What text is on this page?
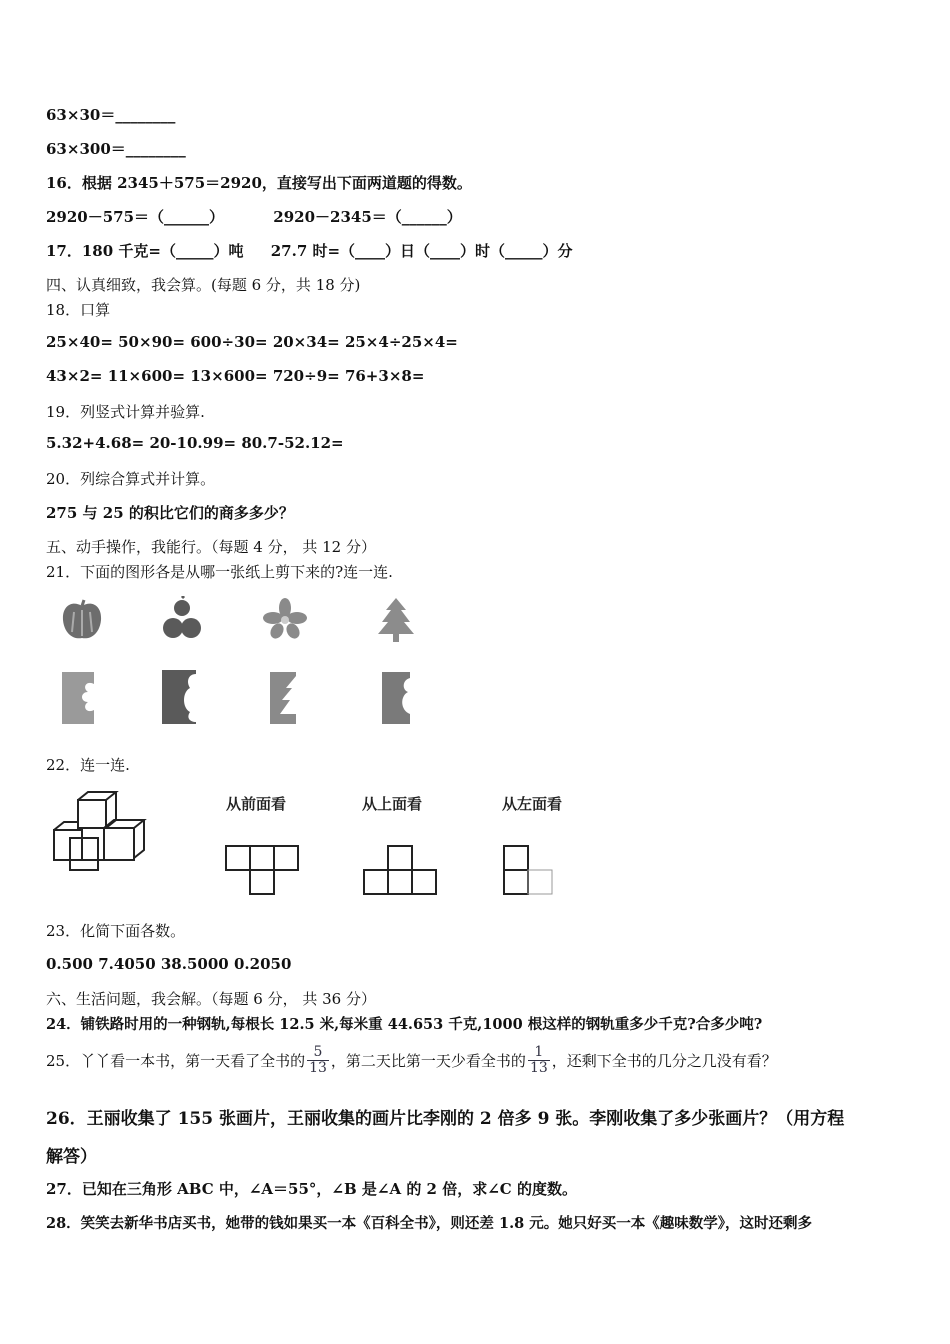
63×30＝________
63×300＝________
16．根据 2345＋575＝2920，直接写出下面两道题的得数。
2920－575＝（______）	2920－2345＝（______）
17．180 千克=（_____）吨 27.7 时=（____）日（____）时（_____）分
四、认真细致，我会算。(每题 6 分，共 18 分)
18．口算
25×40= 50×90= 600÷30= 20×34= 25×4÷25×4=
43×2= 11×600= 13×600= 720÷9= 76+3×8=
19．列竖式计算并验算.
5.32+4.68= 20-10.99= 80.7-52.12=
20．列综合算式并计算。
275 与 25 的积比它们的商多多少？
五、动手操作，我能行。（每题 4 分， 共 12 分）
21．下面的图形各是从哪一张纸上剪下来的?连一连.
22．连一连.
从前面看	从上面看	从左面看
23．化简下面各数。
0.500 7.4050 38.5000 0.2050
六、生活问题，我会解。（每题 6 分， 共 36 分）
24．铺铁路时用的一种钢轨,每根长 12.5 米,每米重 44.653 千克,1000 根这样的钢轨重多少千克?合多少吨?
25．丫丫看一本书，第一天看了全书的 $\frac{5}{13}$ ，第二天比第一天少看全书的 $\frac{1}{13}$ ，还剩下全书的几分之几没有看？
26．王丽收集了 155 张画片，王丽收集的画片比李刚的 2 倍多 9 张。李刚收集了多少张画片？（用方程
解答）
27．已知在三角形 ABC 中，∠A＝55°，∠B 是∠A 的 2 倍，求∠C 的度数。
28．笑笑去新华书店买书，她带的钱如果买一本《百科全书》，则还差 1.8 元。她只好买一本《趣味数学》，这时还剩多
